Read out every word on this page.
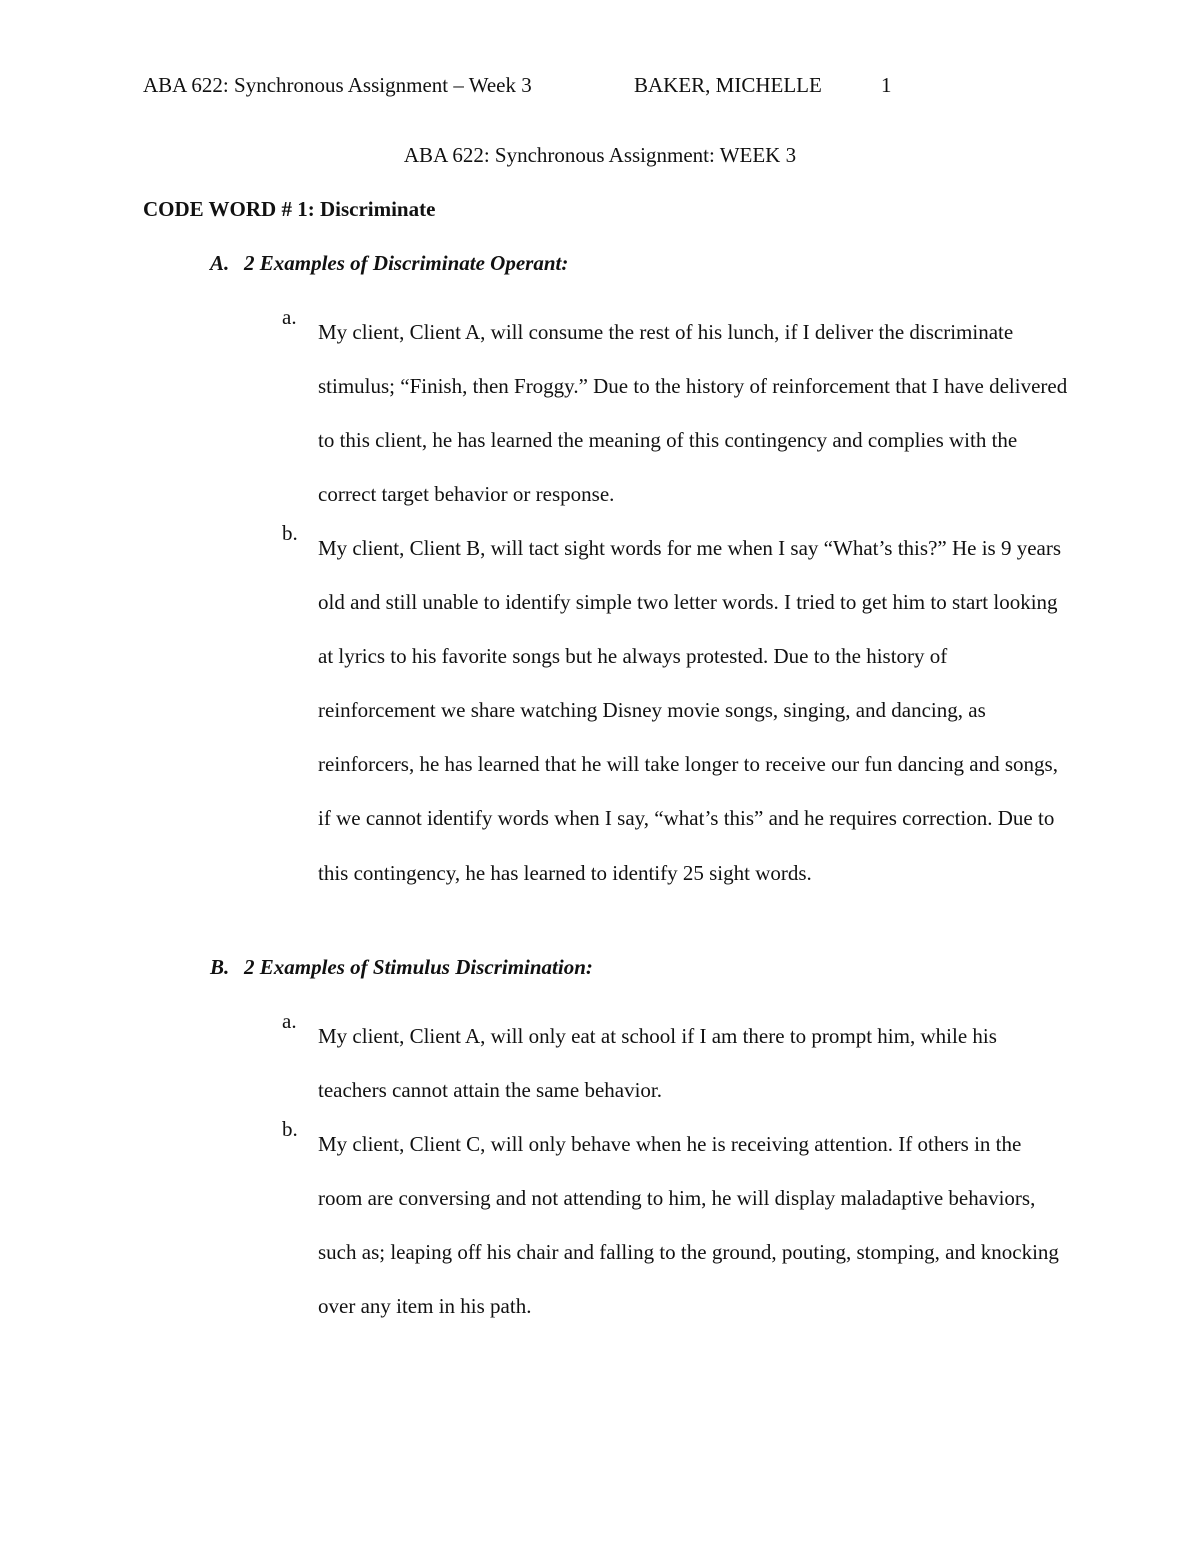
ABA 622: Synchronous Assignment – Week 3	BAKER, MICHELLE	1
ABA 622: Synchronous Assignment: WEEK 3
CODE WORD # 1: Discriminate
A. 2 Examples of Discriminate Operant:
a.
My client, Client A, will consume the rest of his lunch, if I deliver the discriminate stimulus; “Finish, then Froggy.” Due to the history of reinforcement that I have delivered to this client, he has learned the meaning of this contingency and complies with the correct target behavior or response.
b.
My client, Client B, will tact sight words for me when I say “What’s this?” He is 9 years old and still unable to identify simple two letter words. I tried to get him to start looking at lyrics to his favorite songs but he always protested. Due to the history of reinforcement we share watching Disney movie songs, singing, and dancing, as reinforcers, he has learned that he will take longer to receive our fun dancing and songs, if we cannot identify words when I say, “what’s this” and he requires correction. Due to this contingency, he has learned to identify 25 sight words.
B. 2 Examples of Stimulus Discrimination:
a.
My client, Client A, will only eat at school if I am there to prompt him, while his teachers cannot attain the same behavior.
b.
My client, Client C, will only behave when he is receiving attention. If others in the room are conversing and not attending to him, he will display maladaptive behaviors, such as; leaping off his chair and falling to the ground, pouting, stomping, and knocking over any item in his path.
